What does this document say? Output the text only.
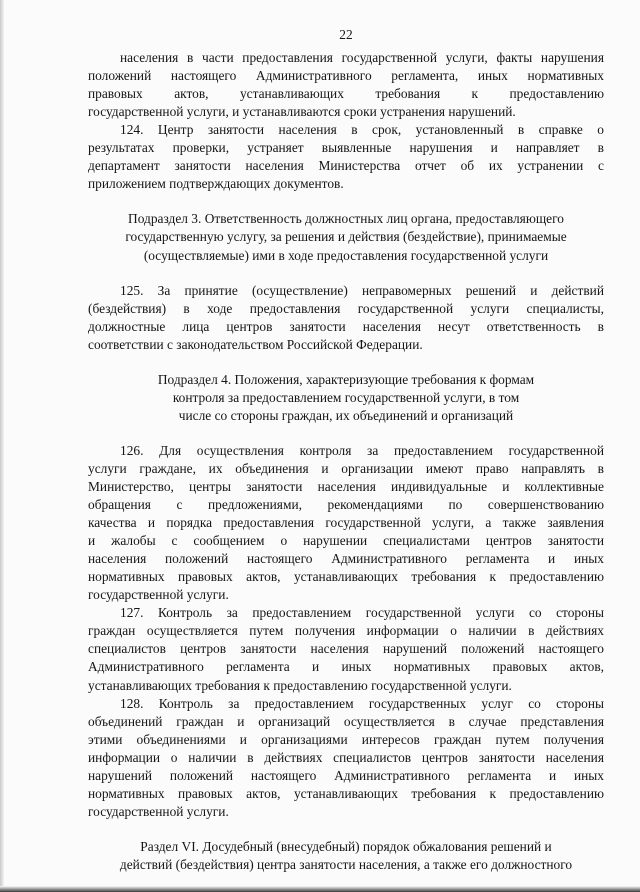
22
населения в части предоставления государственной услуги, факты нарушения
положений настоящего Административного регламента, иных нормативных
правовых актов, устанавливающих требования к предоставлению
государственной услуги, и устанавливаются сроки устранения нарушений.
124. Центр занятости населения в срок, установленный в справке о
результатах проверки, устраняет выявленные нарушения и направляет в
департамент занятости населения Министерства отчет об их устранении с
приложением подтверждающих документов.
Подраздел 3. Ответственность должностных лиц органа, предоставляющего
государственную услугу, за решения и действия (бездействие), принимаемые
(осуществляемые) ими в ходе предоставления государственной услуги
125. За принятие (осуществление) неправомерных решений и действий
(бездействия) в ходе предоставления государственной услуги специалисты,
должностные лица центров занятости населения несут ответственность в
соответствии с законодательством Российской Федерации.
Подраздел 4. Положения, характеризующие требования к формам
контроля за предоставлением государственной услуги, в том
числе со стороны граждан, их объединений и организаций
126. Для осуществления контроля за предоставлением государственной
услуги граждане, их объединения и организации имеют право направлять в
Министерство, центры занятости населения индивидуальные и коллективные
обращения с предложениями, рекомендациями по совершенствованию
качества и порядка предоставления государственной услуги, а также заявления
и жалобы с сообщением о нарушении специалистами центров занятости
населения положений настоящего Административного регламента и иных
нормативных правовых актов, устанавливающих требования к предоставлению
государственной услуги.
127. Контроль за предоставлением государственной услуги со стороны
граждан осуществляется путем получения информации о наличии в действиях
специалистов центров занятости населения нарушений положений настоящего
Административного регламента и иных нормативных правовых актов,
устанавливающих требования к предоставлению государственной услуги.
128. Контроль за предоставлением государственных услуг со стороны
объединений граждан и организаций осуществляется в случае представления
этими объединениями и организациями интересов граждан путем получения
информации о наличии в действиях специалистов центров занятости населения
нарушений положений настоящего Административного регламента и иных
нормативных правовых актов, устанавливающих требования к предоставлению
государственной услуги.
Раздел VI. Досудебный (внесудебный) порядок обжалования решений и
действий (бездействия) центра занятости населения, а также его должностного
